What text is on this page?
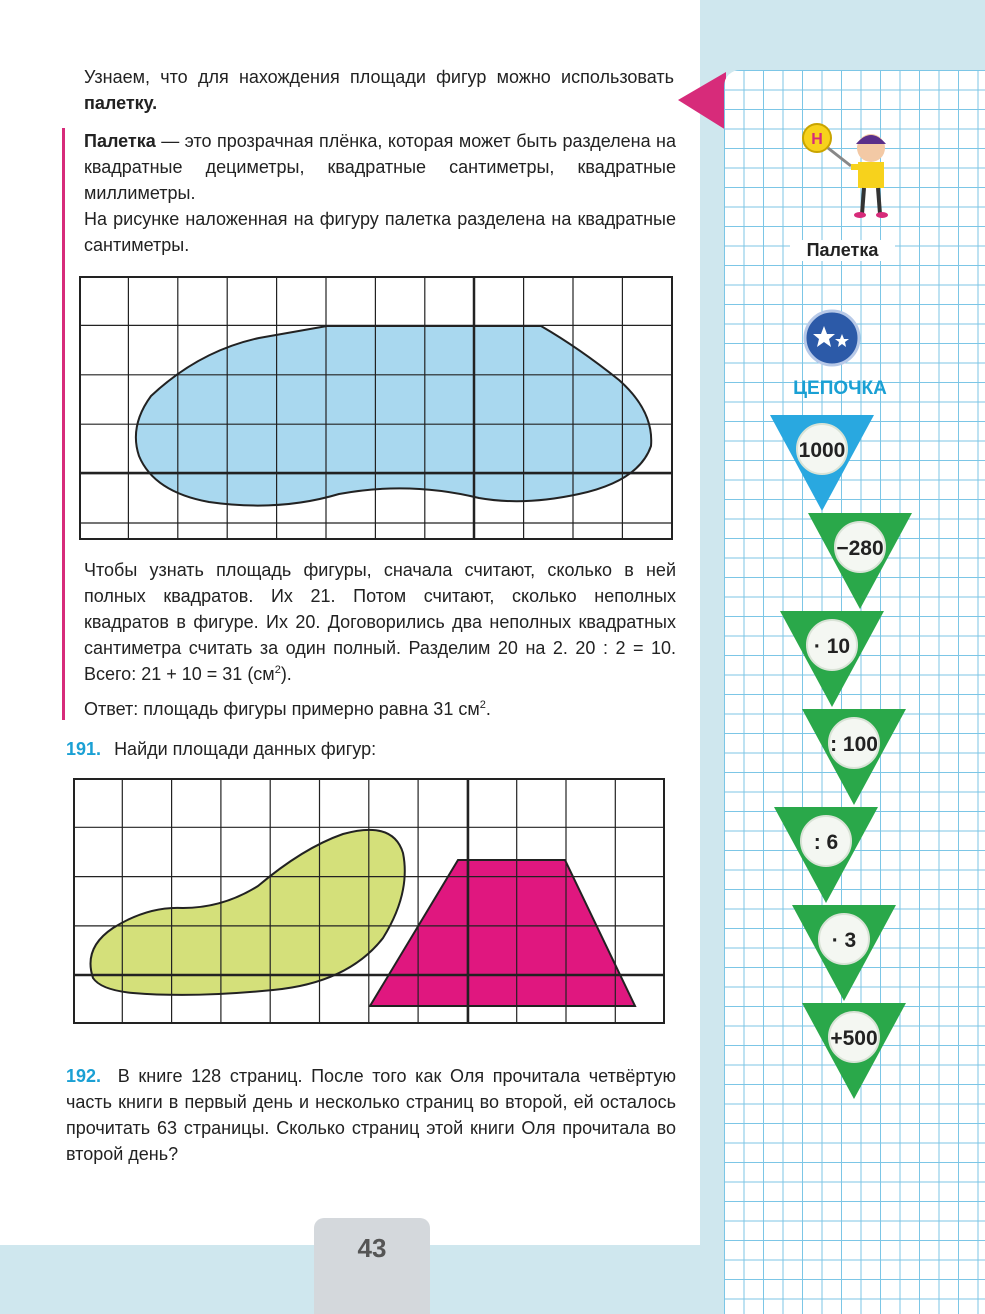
Узнаем, что для нахождения площади фигур можно использовать палетку.
Палетка — это прозрачная плёнка, которая может быть разделена на квадратные дециметры, квадратные сантиметры, квадратные миллиметры.
На рисунке наложенная на фигуру палетка разделена на квадратные сантиметры.
Чтобы узнать площадь фигуры, сначала считают, сколько в ней полных квадратов. Их 21. Потом считают, сколько неполных квадратов в фигуре. Их 20. Договорились два неполных квадратных сантиметра считать за один полный. Разделим 20 на 2. 20 : 2 = 10. Всего: 21 + 10 = 31 $(см^2)$.
Ответ: площадь фигуры примерно равна 31 $см^2$.
191. Найди площади данных фигур:
192. В книге 128 страниц. После того как Оля прочитала четвёртую часть книги в первый день и несколько страниц во второй, ей осталось прочитать 63 страницы. Сколько страниц этой книги Оля прочитала во второй день?
43
Н
Палетка
ЦЕПОЧКА
1000
−280
· 10
: 100
: 6
· 3
+500
